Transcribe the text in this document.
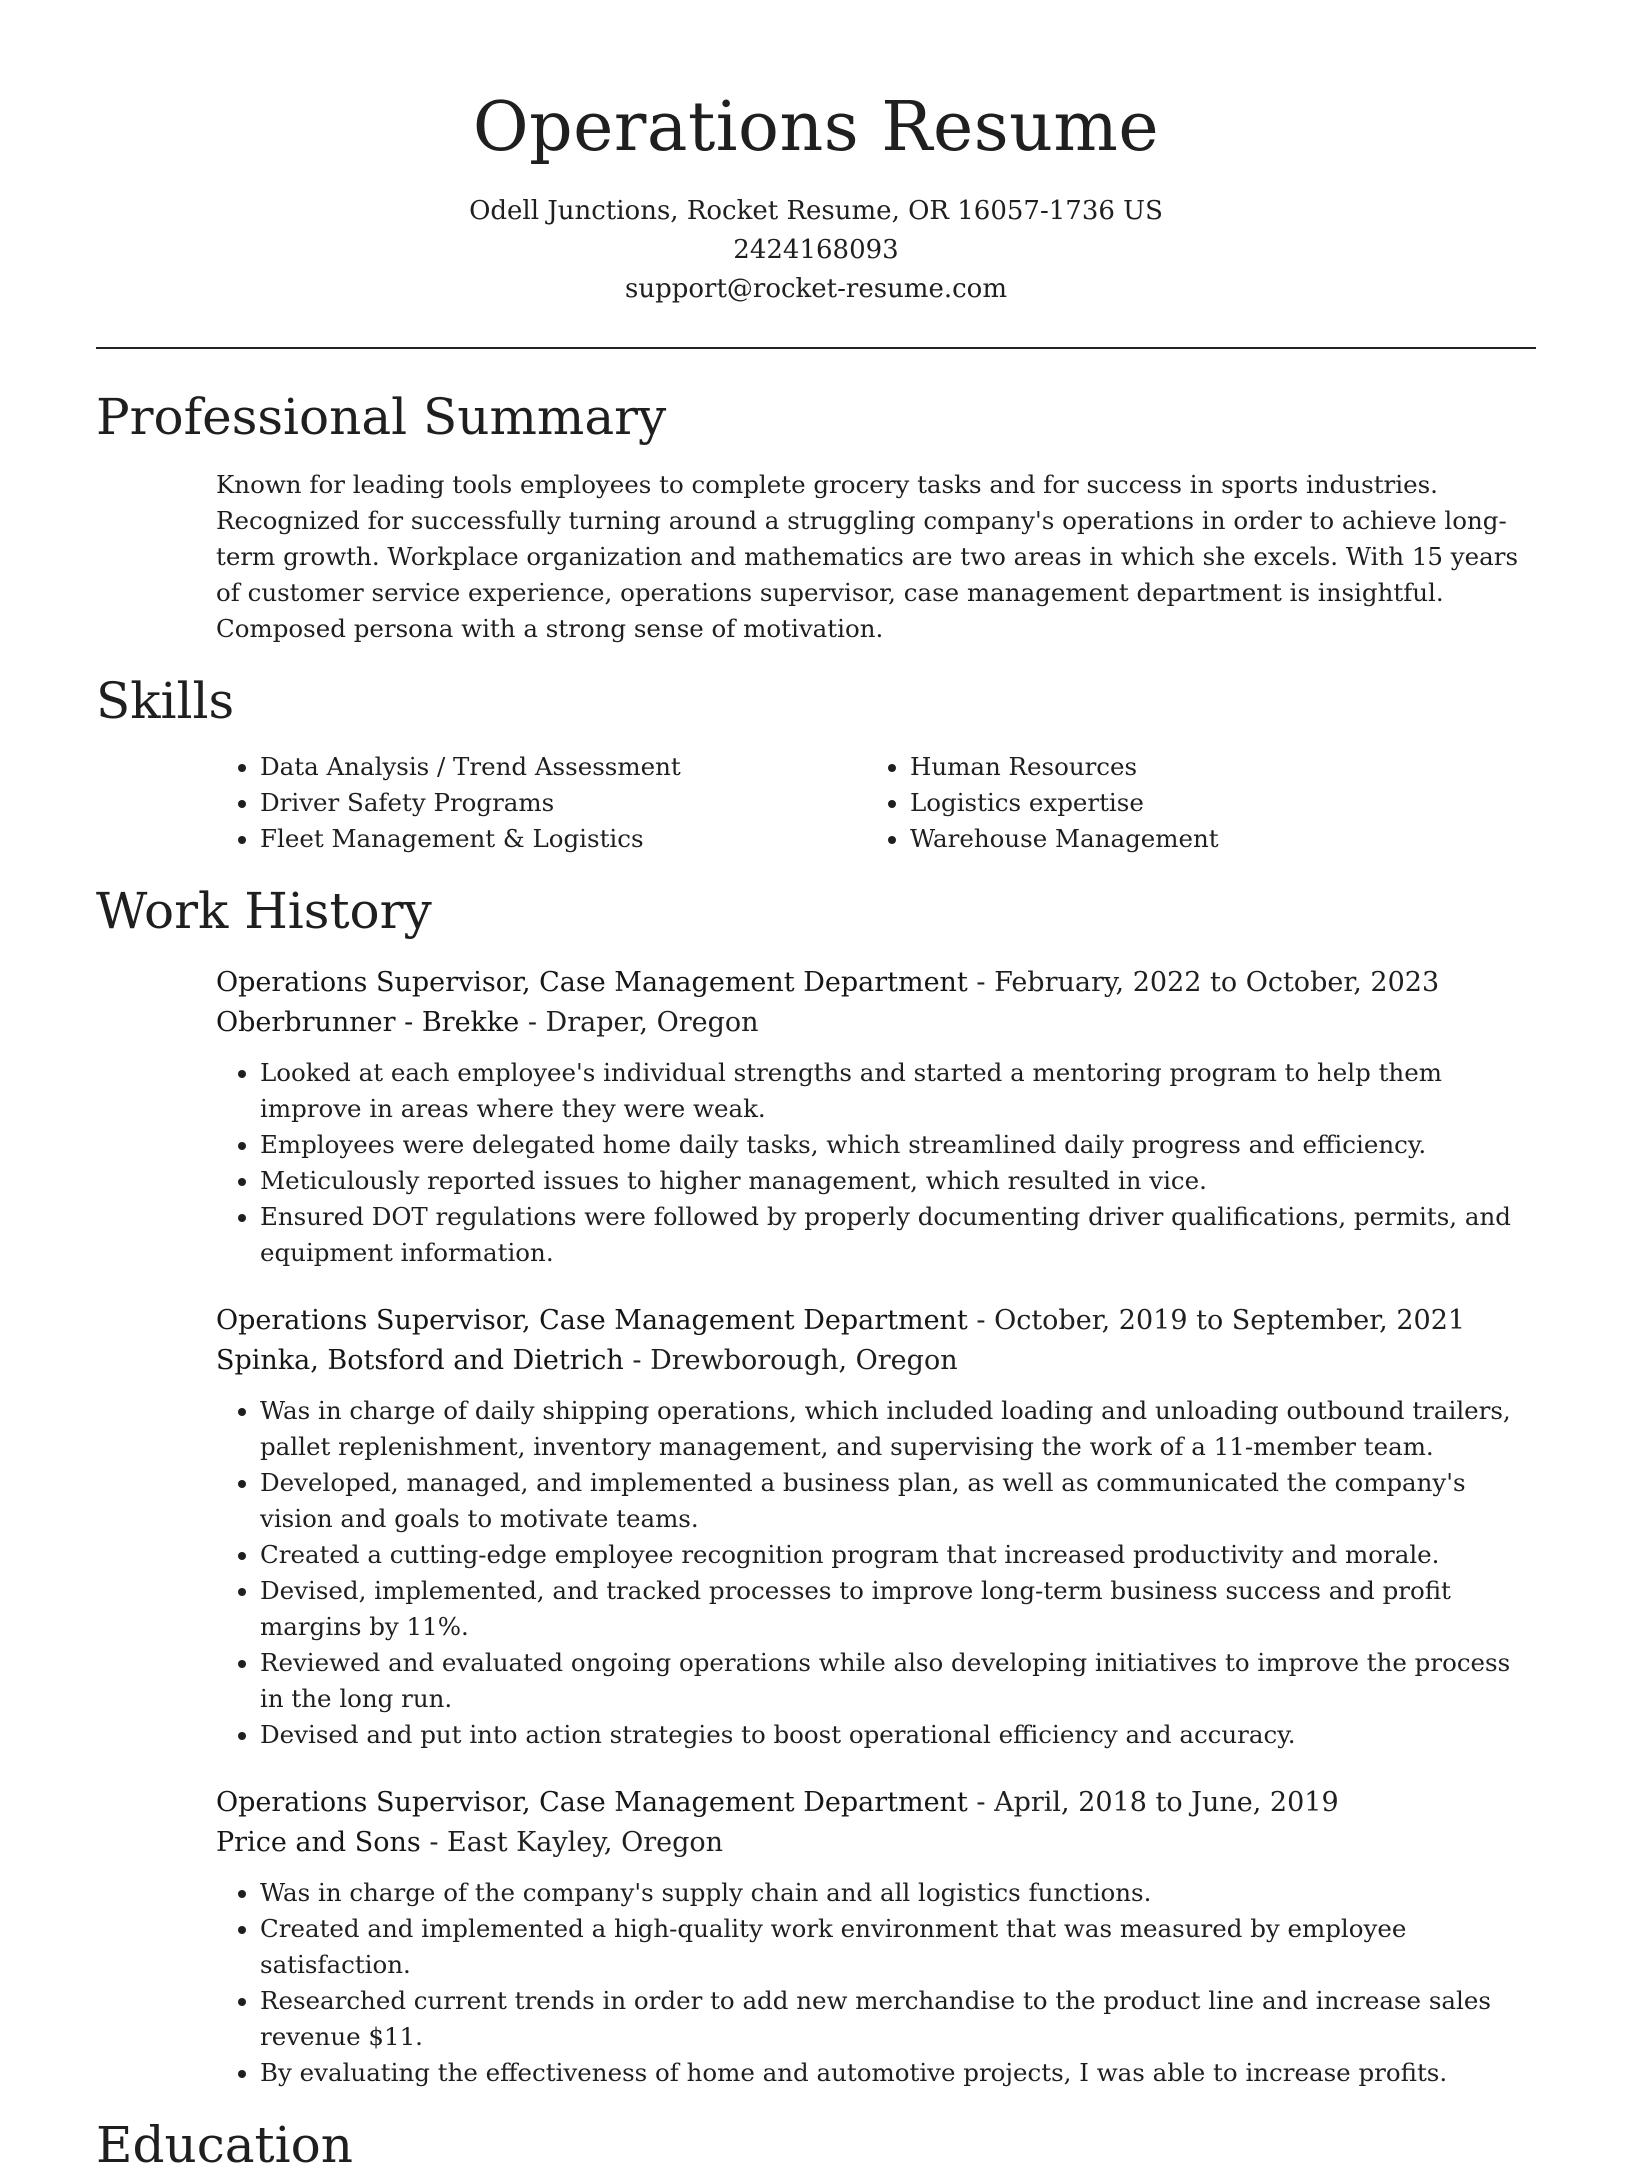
Operations Resume
Odell Junctions, Rocket Resume, OR 16057-1736 US
2424168093
support@rocket-resume.com
Professional Summary

Known for leading tools employees to complete grocery tasks and for success in sports industries. Recognized for successfully turning around a struggling company's operations in order to achieve long-term growth. Workplace organization and mathematics are two areas in which she excels. With 15 years of customer service experience, operations supervisor, case management department is insightful. Composed persona with a strong sense of motivation.

Skills
• Data Analysis / Trend Assessment
• Driver Safety Programs
• Fleet Management & Logistics
• Human Resources
• Logistics expertise
• Warehouse Management
Work History
Operations Supervisor, Case Management Department - February, 2022 to October, 2023
Oberbrunner - Brekke - Draper, Oregon
• Looked at each employee's individual strengths and started a mentoring program to help them improve in areas where they were weak.
• Employees were delegated home daily tasks, which streamlined daily progress and efficiency.
• Meticulously reported issues to higher management, which resulted in vice.
• Ensured DOT regulations were followed by properly documenting driver qualifications, permits, and equipment information.
Operations Supervisor, Case Management Department - October, 2019 to September, 2021
Spinka, Botsford and Dietrich - Drewborough, Oregon
• Was in charge of daily shipping operations, which included loading and unloading outbound trailers, pallet replenishment, inventory management, and supervising the work of a 11-member team.
• Developed, managed, and implemented a business plan, as well as communicated the company's vision and goals to motivate teams.
• Created a cutting-edge employee recognition program that increased productivity and morale.
• Devised, implemented, and tracked processes to improve long-term business success and profit margins by 11%.
• Reviewed and evaluated ongoing operations while also developing initiatives to improve the process in the long run.
• Devised and put into action strategies to boost operational efficiency and accuracy.
Operations Supervisor, Case Management Department - April, 2018 to June, 2019
Price and Sons - East Kayley, Oregon
• Was in charge of the company's supply chain and all logistics functions.
• Created and implemented a high-quality work environment that was measured by employee satisfaction.
• Researched current trends in order to add new merchandise to the product line and increase sales revenue $11.
• By evaluating the effectiveness of home and automotive projects, I was able to increase profits.
Education
